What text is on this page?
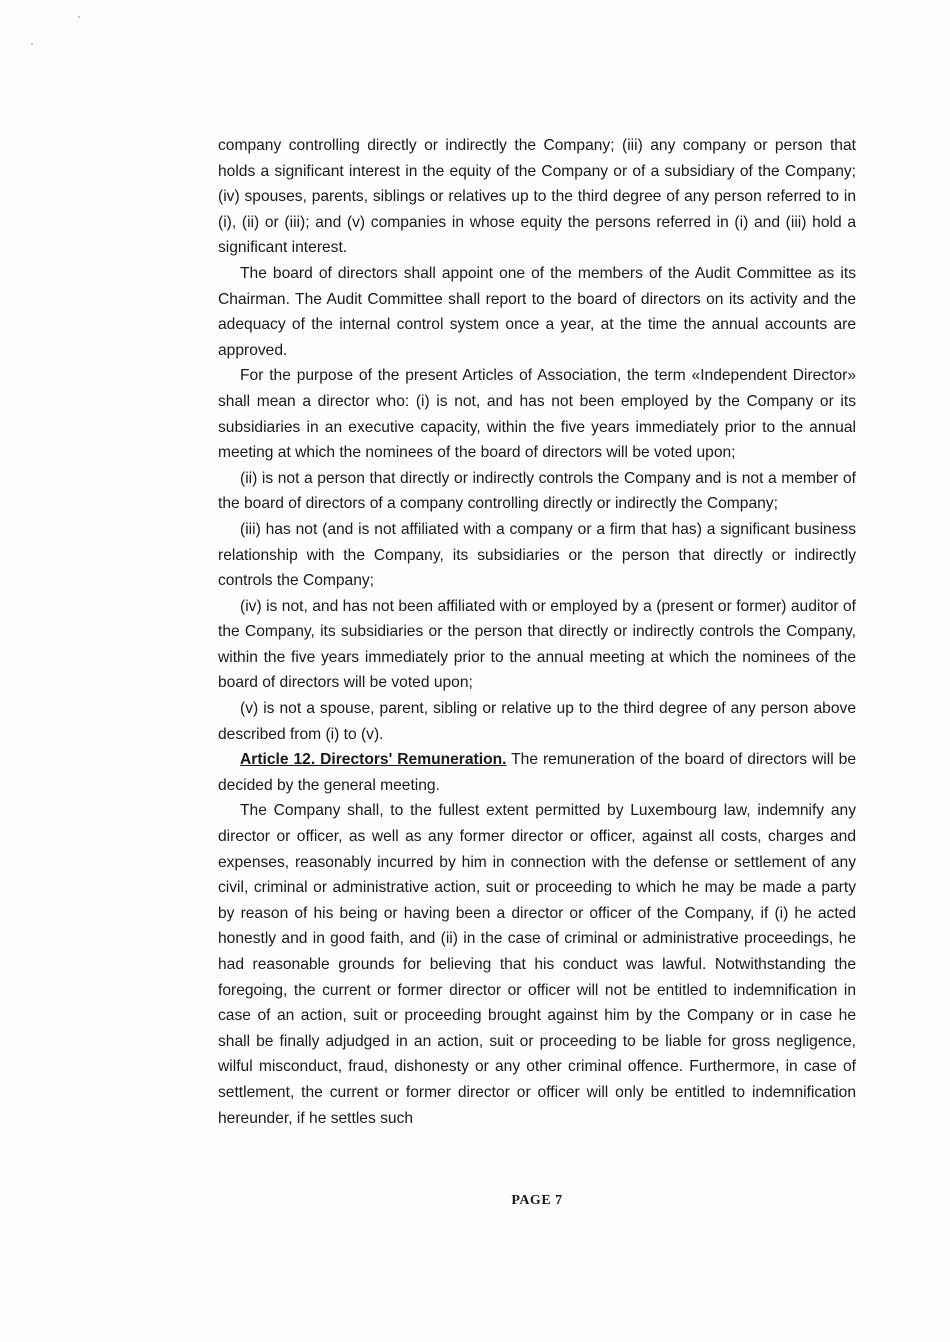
company controlling directly or indirectly the Company; (iii) any company or person that holds a significant interest in the equity of the Company or of a subsidiary of the Company; (iv) spouses, parents, siblings or relatives up to the third degree of any person referred to in (i), (ii) or (iii); and (v) companies in whose equity the persons referred in (i) and (iii) hold a significant interest.

The board of directors shall appoint one of the members of the Audit Committee as its Chairman. The Audit Committee shall report to the board of directors on its activity and the adequacy of the internal control system once a year, at the time the annual accounts are approved.

For the purpose of the present Articles of Association, the term «Independent Director» shall mean a director who: (i) is not, and has not been employed by the Company or its subsidiaries in an executive capacity, within the five years immediately prior to the annual meeting at which the nominees of the board of directors will be voted upon;

(ii) is not a person that directly or indirectly controls the Company and is not a member of the board of directors of a company controlling directly or indirectly the Company;

(iii) has not (and is not affiliated with a company or a firm that has) a significant business relationship with the Company, its subsidiaries or the person that directly or indirectly controls the Company;

(iv) is not, and has not been affiliated with or employed by a (present or former) auditor of the Company, its subsidiaries or the person that directly or indirectly controls the Company, within the five years immediately prior to the annual meeting at which the nominees of the board of directors will be voted upon;

(v) is not a spouse, parent, sibling or relative up to the third degree of any person above described from (i) to (v).

Article 12. Directors' Remuneration. The remuneration of the board of directors will be decided by the general meeting.

The Company shall, to the fullest extent permitted by Luxembourg law, indemnify any director or officer, as well as any former director or officer, against all costs, charges and expenses, reasonably incurred by him in connection with the defense or settlement of any civil, criminal or administrative action, suit or proceeding to which he may be made a party by reason of his being or having been a director or officer of the Company, if (i) he acted honestly and in good faith, and (ii) in the case of criminal or administrative proceedings, he had reasonable grounds for believing that his conduct was lawful. Notwithstanding the foregoing, the current or former director or officer will not be entitled to indemnification in case of an action, suit or proceeding brought against him by the Company or in case he shall be finally adjudged in an action, suit or proceeding to be liable for gross negligence, wilful misconduct, fraud, dishonesty or any other criminal offence. Furthermore, in case of settlement, the current or former director or officer will only be entitled to indemnification hereunder, if he settles such

PAGE 7
